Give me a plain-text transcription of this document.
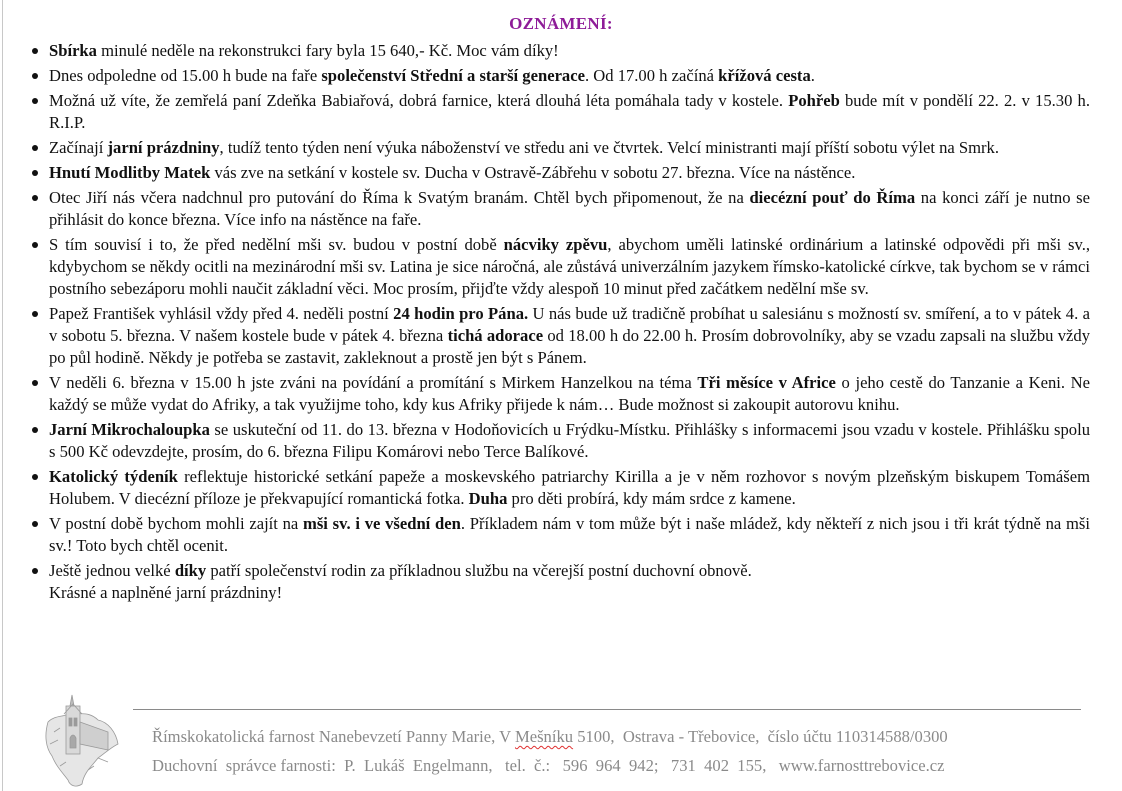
OZNÁMENÍ:
Sbírka minulé neděle na rekonstrukci fary byla 15 640,- Kč. Moc vám díky!
Dnes odpoledne od 15.00 h bude na faře společenství Střední a starší generace. Od 17.00 h začíná křížová cesta.
Možná už víte, že zemřelá paní Zdeňka Babiařová, dobrá farnice, která dlouhá léta pomáhala tady v kostele. Pohřeb bude mít v pondělí 22. 2. v 15.30 h. R.I.P.
Začínají jarní prázdniny, tudíž tento týden není výuka náboženství ve středu ani ve čtvrtek. Velcí ministranti mají příští sobotu výlet na Smrk.
Hnutí Modlitby Matek vás zve na setkání v kostele sv. Ducha v Ostravě-Zábřehu v sobotu 27. března. Více na nástěnce.
Otec Jiří nás včera nadchnul pro putování do Říma k Svatým branám. Chtěl bych připomenout, že na diecézní pouť do Říma na konci září je nutno se přihlásit do konce března. Více info na nástěnce na faře.
S tím souvisí i to, že před nedělní mši sv. budou v postní době nácviky zpěvu, abychom uměli latinské ordinárium a latinské odpovědi při mši sv., kdybychom se někdy ocitli na mezinárodní mši sv. Latina je sice náročná, ale zůstává univerzálním jazykem římsko-katolické církve, tak bychom se v rámci postního sebezáporu mohli naučit základní věci. Moc prosím, přijďte vždy alespoň 10 minut před začátkem nedělní mše sv.
Papež František vyhlásil vždy před 4. neděli postní 24 hodin pro Pána. U nás bude už tradičně probíhat u salesiánu s možností sv. smíření, a to v pátek 4. a v sobotu 5. března. V našem kostele bude v pátek 4. března tichá adorace od 18.00 h do 22.00 h. Prosím dobrovolníky, aby se vzadu zapsali na službu vždy po půl hodině. Někdy je potřeba se zastavit, zakleknout a prostě jen být s Pánem.
V neděli 6. března v 15.00 h jste zváni na povídání a promítání s Mirkem Hanzelkou na téma Tři měsíce v Africe o jeho cestě do Tanzanie a Keni. Ne každý se může vydat do Afriky, a tak využijme toho, kdy kus Afriky přijede k nám… Bude možnost si zakoupit autorovu knihu.
Jarní Mikrochaloupka se uskuteční od 11. do 13. března v Hodoňovicích u Frýdku-Místku. Přihlášky s informacemi jsou vzadu v kostele. Přihlášku spolu s 500 Kč odevzdejte, prosím, do 6. března Filipu Komárovi nebo Terce Balíkové.
Katolický týdeník reflektuje historické setkání papeže a moskevského patriarchy Kirilla a je v něm rozhovor s novým plzeňským biskupem Tomášem Holubem. V diecézní příloze je překvapující romantická fotka. Duha pro děti probírá, kdy mám srdce z kamene.
V postní době bychom mohli zajít na mši sv. i ve všední den. Příkladem nám v tom může být i naše mládež, kdy někteří z nich jsou i tři krát týdně na mši sv.! Toto bych chtěl ocenit.
Ještě jednou velké díky patří společenství rodin za příkladnou službu na včerejší postní duchovní obnově.
Krásné a naplněné jarní prázdniny!
Římskokatolická farnost Nanebevzetí Panny Marie, V Mešníku 5100,  Ostrava - Třebovice,  číslo účtu 110314588/0300
Duchovní  správce farnosti:  P.  Lukáš  Engelmann,   tel.  č.:   596  964  942;   731  402  155,   www.farnosttrebovice.cz
